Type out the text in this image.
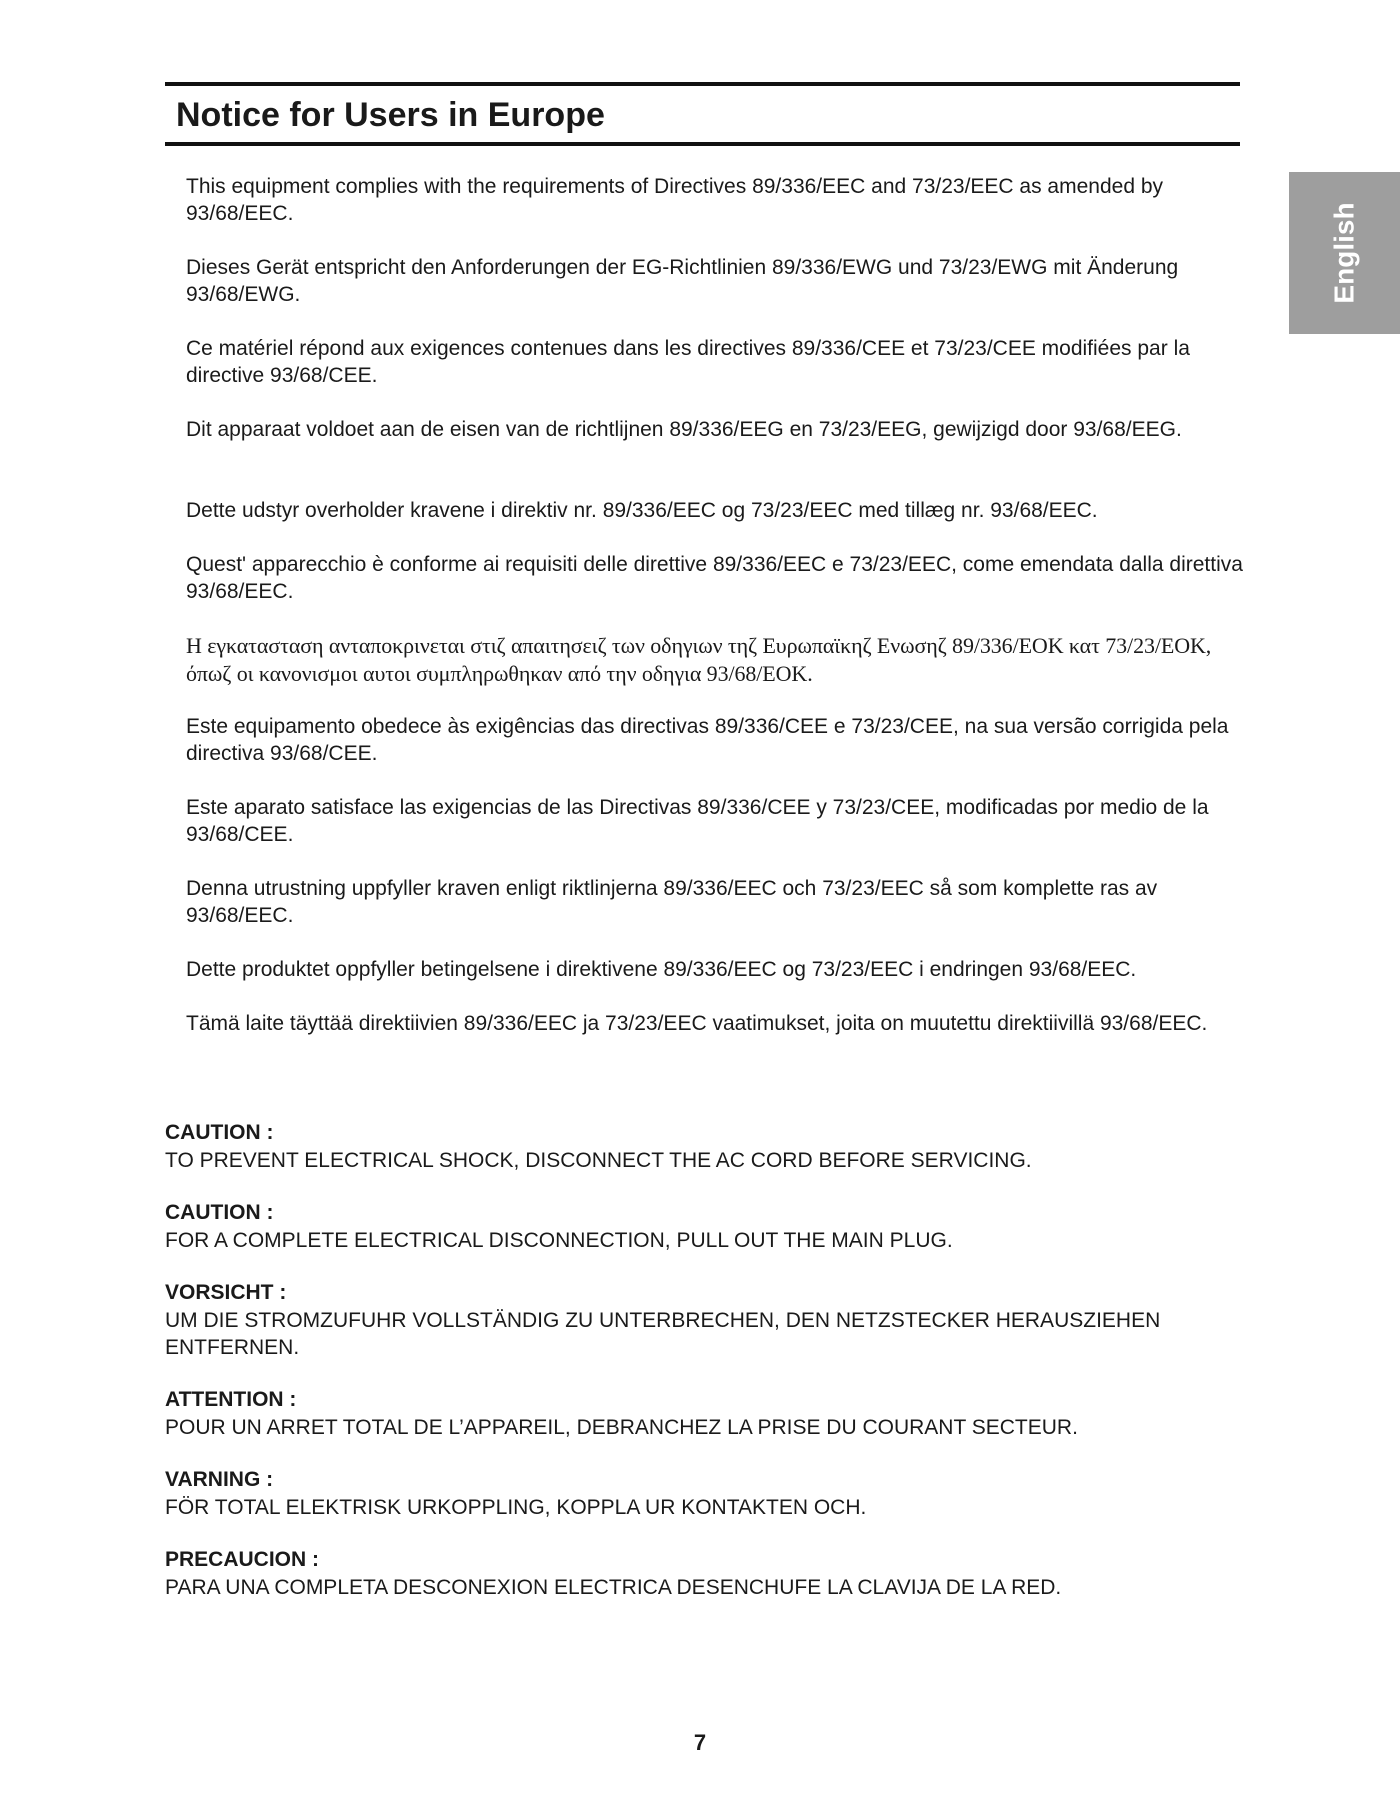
Notice for Users in Europe
English

This equipment complies with the requirements of Directives 89/336/EEC and 73/23/EEC as amended by 93/68/EEC.

Dieses Gerät entspricht den Anforderungen der EG-Richtlinien 89/336/EWG und 73/23/EWG mit Änderung 93/68/EWG.

Ce matériel répond aux exigences contenues dans les directives 89/336/CEE et 73/23/CEE modifiées par la directive 93/68/CEE.

Dit apparaat voldoet aan de eisen van de richtlijnen 89/336/EEG en 73/23/EEG, gewijzigd door 93/68/EEG.

Dette udstyr overholder kravene i direktiv nr. 89/336/EEC og 73/23/EEC med tillæg nr. 93/68/EEC.

Quest' apparecchio è conforme ai requisiti delle direttive 89/336/EEC e 73/23/EEC, come emendata dalla direttiva 93/68/EEC.

Η εγκατασταση ανταποκρινεται στιζ απαιτησειζ των οδηγιων τηζ Ευρωπαϊκηζ Ενωσηζ 89/336/ΕΟΚ κατ 73/23/ΕΟΚ, όπωζ οι κανονισμοι αυτοι συμπληρωθηκαν από την οδηγια 93/68/ΕΟΚ.

Este equipamento obedece às exigências das directivas 89/336/CEE e 73/23/CEE, na sua versão corrigida pela directiva 93/68/CEE.

Este aparato satisface las exigencias de las Directivas 89/336/CEE y 73/23/CEE, modificadas por medio de la 93/68/CEE.

Denna utrustning uppfyller kraven enligt riktlinjerna 89/336/EEC och 73/23/EEC så som komplette ras av 93/68/EEC.

Dette produktet oppfyller betingelsene i direktivene 89/336/EEC og 73/23/EEC i endringen 93/68/EEC.

Tämä laite täyttää direktiivien 89/336/EEC ja 73/23/EEC vaatimukset, joita on muutettu direktiivillä 93/68/EEC.

CAUTION :

TO PREVENT ELECTRICAL SHOCK, DISCONNECT THE AC CORD BEFORE SERVICING.

CAUTION :

FOR A COMPLETE ELECTRICAL DISCONNECTION, PULL OUT THE MAIN PLUG.

VORSICHT :

UM DIE STROMZUFUHR VOLLSTÄNDIG ZU UNTERBRECHEN, DEN NETZSTECKER HERAUSZIEHEN ENTFERNEN.

ATTENTION :

POUR UN ARRET TOTAL DE L’APPAREIL, DEBRANCHEZ LA PRISE DU COURANT SECTEUR.

VARNING :

FÖR TOTAL ELEKTRISK URKOPPLING, KOPPLA UR KONTAKTEN OCH.

PRECAUCION :

PARA UNA COMPLETA DESCONEXION ELECTRICA DESENCHUFE LA CLAVIJA DE LA RED.

7
